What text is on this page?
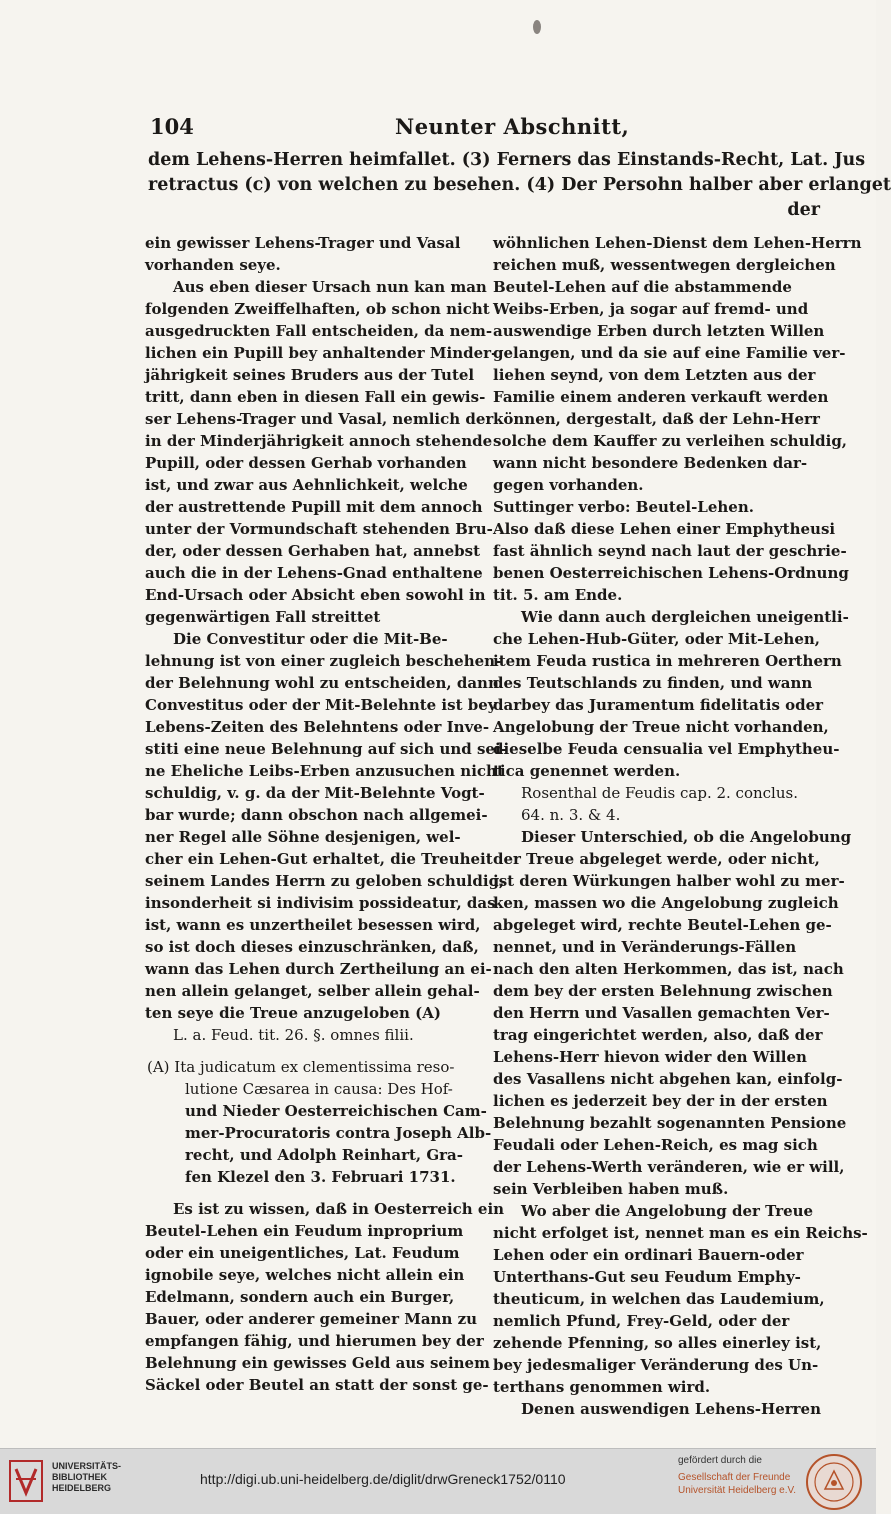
104	Neunter Abschnitt,
dem Lehens-Herren heimfallet. (3) Ferners das Einstands-Recht, Lat. Jus
retractus (c) von welchen zu besehen. (4) Der Persohn halber aber erlanget
der
ein gewisser Lehens-Trager und Vasal
vorhanden seye.
Aus eben dieser Ursach nun kan man
folgenden Zweiffelhaften, ob schon nicht
ausgedruckten Fall entscheiden, da nem-
lichen ein Pupill bey anhaltender Minder-
jährigkeit seines Bruders aus der Tutel
tritt, dann eben in diesen Fall ein gewis-
ser Lehens-Trager und Vasal, nemlich der
in der Minderjährigkeit annoch stehende
Pupill, oder dessen Gerhab vorhanden
ist, und zwar aus Aehnlichkeit, welche
der austrettende Pupill mit dem annoch
unter der Vormundschaft stehenden Bru-
der, oder dessen Gerhaben hat, annebst
auch die in der Lehens-Gnad enthaltene
End-Ursach oder Absicht eben sowohl in
gegenwärtigen Fall streittet
Die Convestitur oder die Mit-Be-
lehnung ist von einer zugleich beschehen-
der Belehnung wohl zu entscheiden, dann
Convestitus oder der Mit-Belehnte ist bey
Lebens-Zeiten des Belehntens oder Inve-
stiti eine neue Belehnung auf sich und sei-
ne Eheliche Leibs-Erben anzusuchen nicht
schuldig, v. g. da der Mit-Belehnte Vogt-
bar wurde; dann obschon nach allgemei-
ner Regel alle Söhne desjenigen, wel-
cher ein Lehen-Gut erhaltet, die Treuheit
seinem Landes Herrn zu geloben schuldig,
insonderheit si indivisim possideatur, das
ist, wann es unzertheilet besessen wird,
so ist doch dieses einzuschränken, daß,
wann das Lehen durch Zertheilung an ei-
nen allein gelanget, selber allein gehal-
ten seye die Treue anzugeloben (A)
L. a. Feud. tit. 26. §. omnes filii.
(A) Ita judicatum ex clementissima reso-
lutione Cæsarea in causa: Des Hof-
und Nieder Oesterreichischen Cam-
mer-Procuratoris contra Joseph Alb-
recht, und Adolph Reinhart, Gra-
fen Klezel den 3. Februari 1731.
Es ist zu wissen, daß in Oesterreich ein
Beutel-Lehen ein Feudum inproprium
oder ein uneigentliches, Lat. Feudum
ignobile seye, welches nicht allein ein
Edelmann, sondern auch ein Burger,
Bauer, oder anderer gemeiner Mann zu
empfangen fähig, und hierumen bey der
Belehnung ein gewisses Geld aus seinem
Säckel oder Beutel an statt der sonst ge-
wöhnlichen Lehen-Dienst dem Lehen-Herrn
reichen muß, wessentwegen dergleichen
Beutel-Lehen auf die abstammende
Weibs-Erben, ja sogar auf fremd- und
auswendige Erben durch letzten Willen
gelangen, und da sie auf eine Familie ver-
liehen seynd, von dem Letzten aus der
Familie einem anderen verkauft werden
können, dergestalt, daß der Lehn-Herr
solche dem Kauffer zu verleihen schuldig,
wann nicht besondere Bedenken dar-
gegen vorhanden.
Suttinger verbo: Beutel-Lehen.
Also daß diese Lehen einer Emphytheusi
fast ähnlich seynd nach laut der geschrie-
benen Oesterreichischen Lehens-Ordnung
tit. 5. am Ende.
Wie dann auch dergleichen uneigentli-
che Lehen-Hub-Güter, oder Mit-Lehen,
item Feuda rustica in mehreren Oerthern
des Teutschlands zu finden, und wann
darbey das Juramentum fidelitatis oder
Angelobung der Treue nicht vorhanden,
dieselbe Feuda censualia vel Emphytheu-
tica genennet werden.
Rosenthal de Feudis cap. 2. conclus.
64. n. 3. & 4.
Dieser Unterschied, ob die Angelobung
der Treue abgeleget werde, oder nicht,
ist deren Würkungen halber wohl zu mer-
ken, massen wo die Angelobung zugleich
abgeleget wird, rechte Beutel-Lehen ge-
nennet, und in Veränderungs-Fällen
nach den alten Herkommen, das ist, nach
dem bey der ersten Belehnung zwischen
den Herrn und Vasallen gemachten Ver-
trag eingerichtet werden, also, daß der
Lehens-Herr hievon wider den Willen
des Vasallens nicht abgehen kan, einfolg-
lichen es jederzeit bey der in der ersten
Belehnung bezahlt sogenannten Pensione
Feudali oder Lehen-Reich, es mag sich
der Lehens-Werth veränderen, wie er will,
sein Verbleiben haben muß.
Wo aber die Angelobung der Treue
nicht erfolget ist, nennet man es ein Reichs-
Lehen oder ein ordinari Bauern-oder
Unterthans-Gut seu Feudum Emphy-
theuticum, in welchen das Laudemium,
nemlich Pfund, Frey-Geld, oder der
zehende Pfenning, so alles einerley ist,
bey jedesmaliger Veränderung des Un-
terthans genommen wird.
Denen auswendigen Lehens-Herren
UNIVERSITÄTS-
BIBLIOTHEK
HEIDELBERG
http://digi.ub.uni-heidelberg.de/diglit/drwGreneck1752/0110
gefördert durch die
Gesellschaft der Freunde
Universität Heidelberg e.V.
